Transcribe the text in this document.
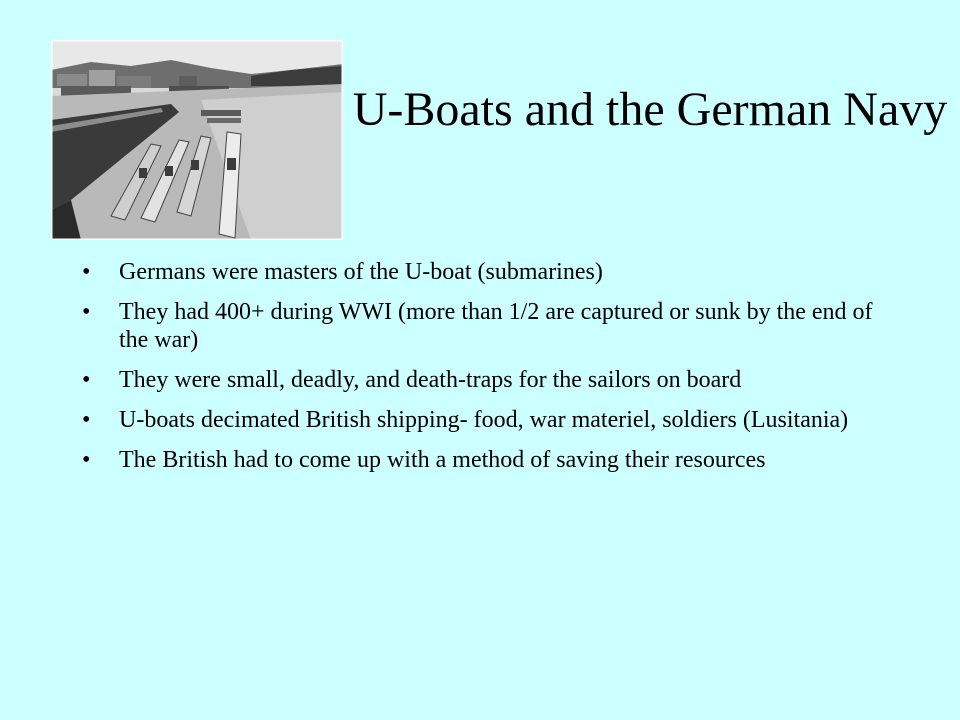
U-Boats and the German Navy
• Germans were masters of the U-boat (submarines)
• They had 400+ during WWI (more than 1/2 are captured or sunk by the end of the war)
• They were small, deadly, and death-traps for the sailors on board
• U-boats decimated British shipping- food, war materiel, soldiers (Lusitania)
• The British had to come up with a method of saving their resources
